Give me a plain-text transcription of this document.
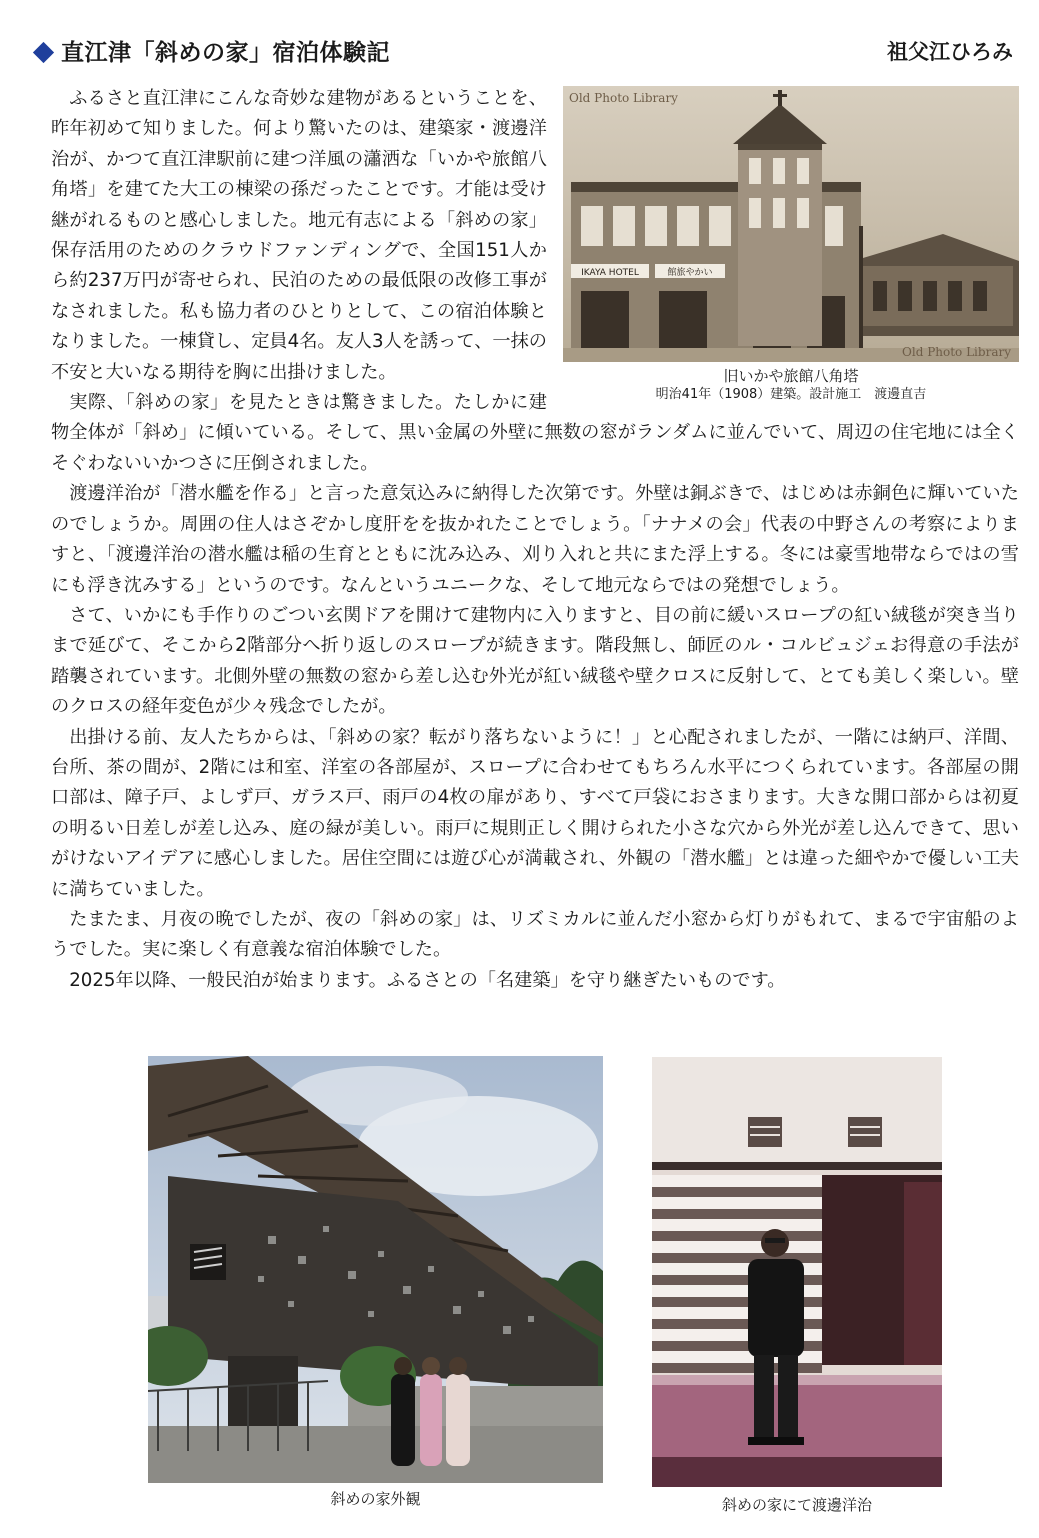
直江津「斜めの家」宿泊体験記	祖父江ひろみ
IKAYA HOTEL	館旅やかい
Old Photo Library
Old Photo Library
旧いかや旅館八角塔
明治41年（1908）建築。設計施工　渡邊直吉

ふるさと直江津にこんな奇妙な建物があるということを、昨年初めて知りました。何より驚いたのは、建築家・渡邊洋治が、かつて直江津駅前に建つ洋風の瀟洒な「いかや旅館八角塔」を建てた大工の棟梁の孫だったことです。才能は受け継がれるものと感心しました。地元有志による「斜めの家」保存活用のためのクラウドファンディングで、全国151人から約237万円が寄せられ、民泊のための最低限の改修工事がなされました。私も協力者のひとりとして、この宿泊体験となりました。一棟貸し、定員4名。友人3人を誘って、一抹の不安と大いなる期待を胸に出掛けました。

実際、「斜めの家」を見たときは驚きました。たしかに建物全体が「斜め」に傾いている。そして、黒い金属の外壁に無数の窓がランダムに並んでいて、周辺の住宅地には全くそぐわないいかつさに圧倒されました。

渡邊洋治が「潜水艦を作る」と言った意気込みに納得した次第です。外壁は銅ぶきで、はじめは赤銅色に輝いていたのでしょうか。周囲の住人はさぞかし度肝をを抜かれたことでしょう。「ナナメの会」代表の中野さんの考察によりますと、「渡邊洋治の潜水艦は稲の生育とともに沈み込み、刈り入れと共にまた浮上する。冬には豪雪地帯ならではの雪にも浮き沈みする」というのです。なんというユニークな、そして地元ならではの発想でしょう。

さて、いかにも手作りのごつい玄関ドアを開けて建物内に入りますと、目の前に緩いスロープの紅い絨毯が突き当りまで延びて、そこから2階部分へ折り返しのスロープが続きます。階段無し、師匠のル・コルビュジェお得意の手法が踏襲されています。北側外壁の無数の窓から差し込む外光が紅い絨毯や壁クロスに反射して、とても美しく楽しい。壁のクロスの経年変色が少々残念でしたが。

出掛ける前、友人たちからは、「斜めの家？転がり落ちないように！」と心配されましたが、一階には納戸、洋間、台所、茶の間が、2階には和室、洋室の各部屋が、スロープに合わせてもちろん水平につくられています。各部屋の開口部は、障子戸、よしず戸、ガラス戸、雨戸の4枚の扉があり、すべて戸袋におさまります。大きな開口部からは初夏の明るい日差しが差し込み、庭の緑が美しい。雨戸に規則正しく開けられた小さな穴から外光が差し込んできて、思いがけないアイデアに感心しました。居住空間には遊び心が満載され、外観の「潜水艦」とは違った細やかで優しい工夫に満ちていました。

たまたま、月夜の晩でしたが、夜の「斜めの家」は、リズミカルに並んだ小窓から灯りがもれて、まるで宇宙船のようでした。実に楽しく有意義な宿泊体験でした。

2025年以降、一般民泊が始まります。ふるさとの「名建築」を守り継ぎたいものです。

斜めの家外観	斜めの家にて渡邊洋治
